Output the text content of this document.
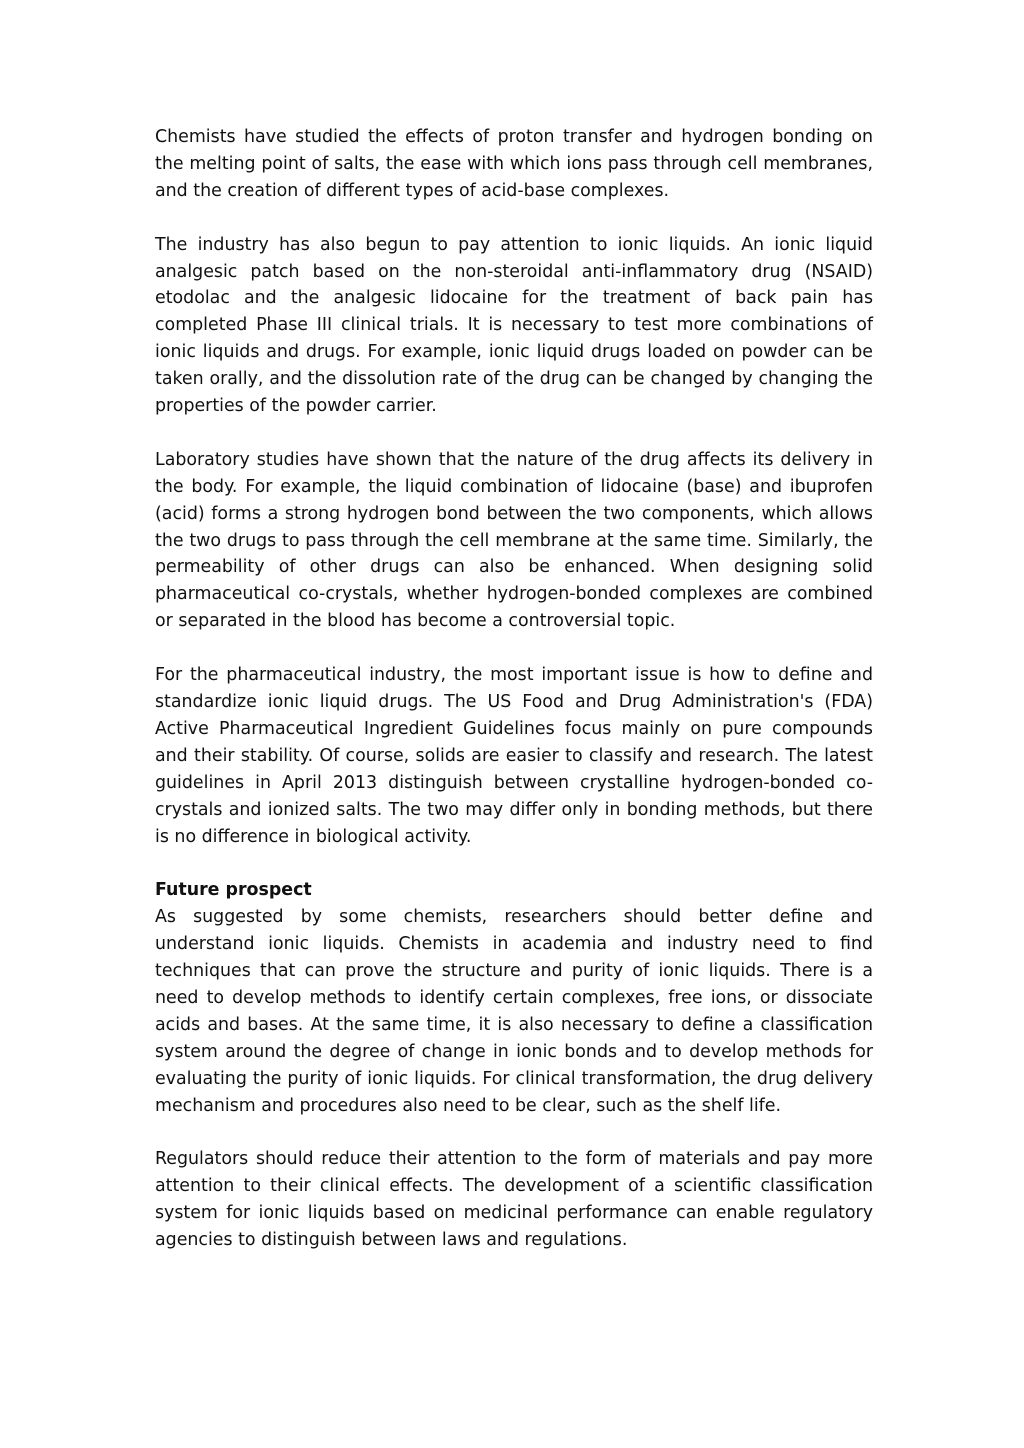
Chemists have studied the effects of proton transfer and hydrogen bonding on the melting point of salts, the ease with which ions pass through cell membranes, and the creation of different types of acid-base complexes.

The industry has also begun to pay attention to ionic liquids. An ionic liquid analgesic patch based on the non-steroidal anti-inflammatory drug (NSAID) etodolac and the analgesic lidocaine for the treatment of back pain has completed Phase III clinical trials. It is necessary to test more combinations of ionic liquids and drugs. For example, ionic liquid drugs loaded on powder can be taken orally, and the dissolution rate of the drug can be changed by changing the properties of the powder carrier.

Laboratory studies have shown that the nature of the drug affects its delivery in the body. For example, the liquid combination of lidocaine (base) and ibuprofen (acid) forms a strong hydrogen bond between the two components, which allows the two drugs to pass through the cell membrane at the same time. Similarly, the permeability of other drugs can also be enhanced. When designing solid pharmaceutical co-crystals, whether hydrogen-bonded complexes are combined or separated in the blood has become a controversial topic.

For the pharmaceutical industry, the most important issue is how to define and standardize ionic liquid drugs. The US Food and Drug Administration's (FDA) Active Pharmaceutical Ingredient Guidelines focus mainly on pure compounds and their stability. Of course, solids are easier to classify and research. The latest guidelines in April 2013 distinguish between crystalline hydrogen-bonded co-crystals and ionized salts. The two may differ only in bonding methods, but there is no difference in biological activity.

Future prospect

As suggested by some chemists, researchers should better define and understand ionic liquids. Chemists in academia and industry need to find techniques that can prove the structure and purity of ionic liquids. There is a need to develop methods to identify certain complexes, free ions, or dissociate acids and bases. At the same time, it is also necessary to define a classification system around the degree of change in ionic bonds and to develop methods for evaluating the purity of ionic liquids. For clinical transformation, the drug delivery mechanism and procedures also need to be clear, such as the shelf life.

Regulators should reduce their attention to the form of materials and pay more attention to their clinical effects. The development of a scientific classification system for ionic liquids based on medicinal performance can enable regulatory agencies to distinguish between laws and regulations.
